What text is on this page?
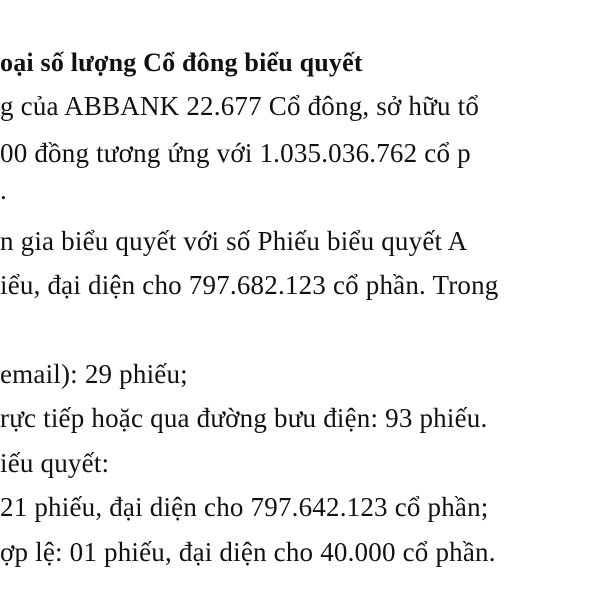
oại số lượng Cổ đông biểu quyết
g của ABBANK 22.677 Cổ đông, sở hữu tổ
00 đồng tương ứng với 1.035.036.762 cổ p
.
n gia biểu quyết với số Phiếu biểu quyết A
iểu, đại diện cho 797.682.123 cổ phần. Trong
email): 29 phiếu;
rực tiếp hoặc qua đường bưu điện: 93 phiếu.
iếu quyết:
21 phiếu, đại diện cho 797.642.123 cổ phần;
ợp lệ: 01 phiếu, đại diện cho 40.000 cổ phần.
